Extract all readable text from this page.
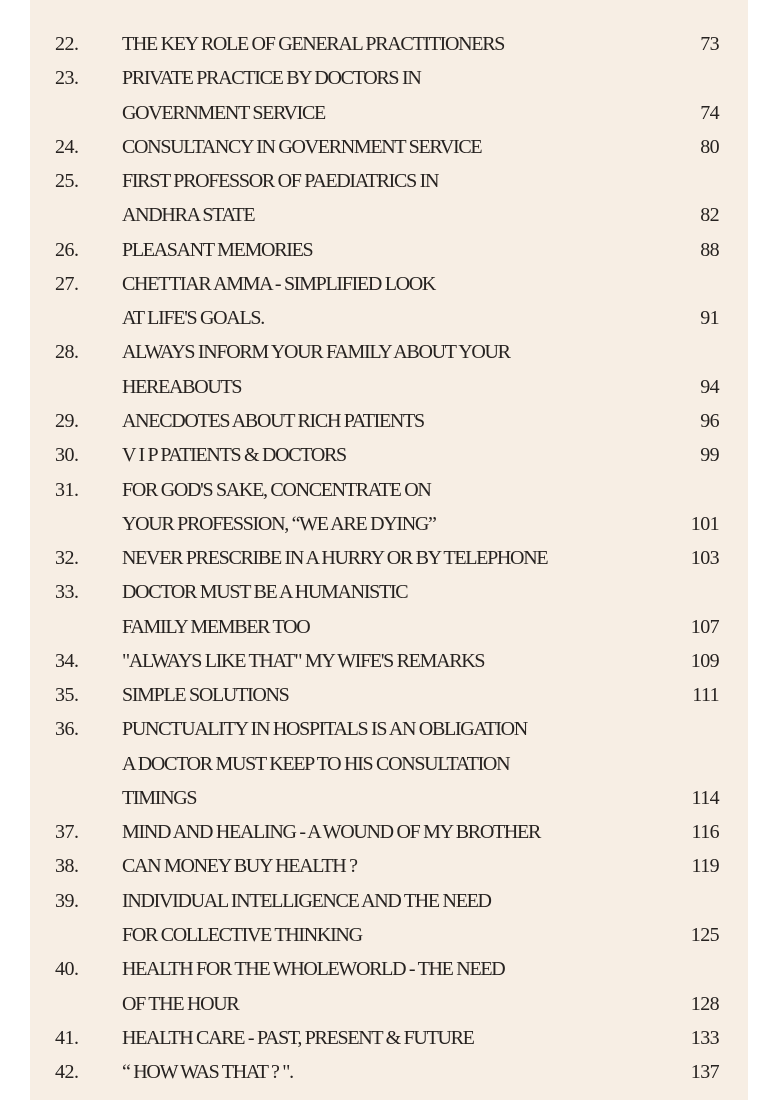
22. THE KEY ROLE OF GENERAL PRACTITIONERS	73
23. PRIVATE PRACTICE BY DOCTORS IN
GOVERNMENT SERVICE	74
24. CONSULTANCY IN GOVERNMENT SERVICE	80
25. FIRST PROFESSOR OF PAEDIATRICS IN
ANDHRA STATE	82
26. PLEASANT MEMORIES	88
27. CHETTIAR AMMA - SIMPLIFIED LOOK
AT LIFE'S GOALS.	91
28. ALWAYS INFORM YOUR FAMILY ABOUT YOUR
HEREABOUTS	94
29. ANECDOTES ABOUT RICH PATIENTS	96
30. V I P PATIENTS & DOCTORS	99
31. FOR GOD'S SAKE, CONCENTRATE ON
YOUR PROFESSION, “WE ARE DYING”	101
32. NEVER PRESCRIBE IN A HURRY OR BY TELEPHONE	103
33. DOCTOR MUST BE A HUMANISTIC
FAMILY MEMBER TOO	107
34. "ALWAYS LIKE THAT" MY WIFE'S REMARKS	109
35. SIMPLE SOLUTIONS	111
36. PUNCTUALITY IN HOSPITALS IS AN OBLIGATION
A DOCTOR MUST KEEP TO HIS CONSULTATION
TIMINGS	114
37. MIND AND HEALING - A WOUND OF MY BROTHER	116
38. CAN MONEY BUY HEALTH ?	119
39. INDIVIDUAL INTELLIGENCE AND THE NEED
FOR COLLECTIVE THINKING	125
40. HEALTH FOR THE WHOLEWORLD - THE NEED
OF THE HOUR	128
41. HEALTH CARE - PAST, PRESENT & FUTURE	133
42. “ HOW WAS THAT ? ".	137
